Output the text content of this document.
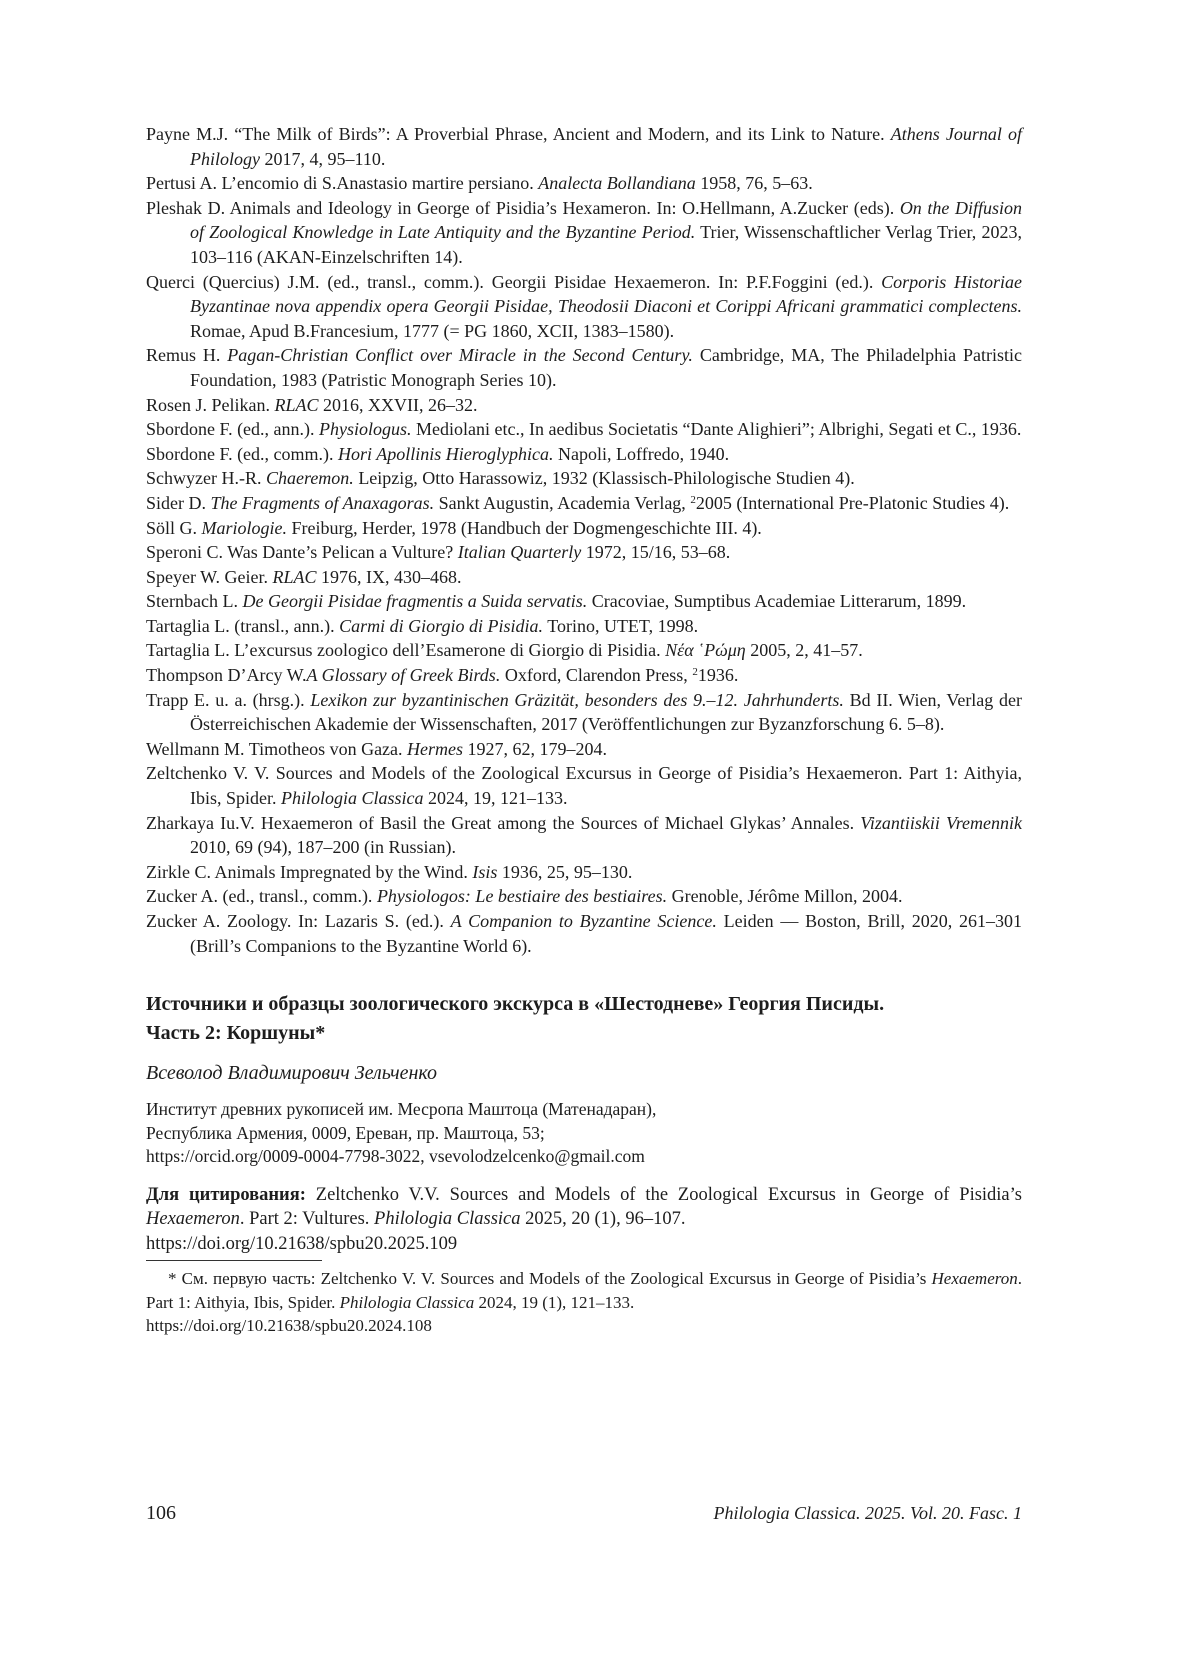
Payne M.J. “The Milk of Birds”: A Proverbial Phrase, Ancient and Modern, and its Link to Nature. Athens Journal of Philology 2017, 4, 95–110.

Pertusi A. L’encomio di S.Anastasio martire persiano. Analecta Bollandiana 1958, 76, 5–63.

Pleshak D. Animals and Ideology in George of Pisidia’s Hexameron. In: O.Hellmann, A.Zucker (eds). On the Diffusion of Zoological Knowledge in Late Antiquity and the Byzantine Period. Trier, Wissenschaftlicher Verlag Trier, 2023, 103–116 (AKAN-Einzelschriften 14).

Querci (Quercius) J.M. (ed., transl., comm.). Georgii Pisidae Hexaemeron. In: P.F.Foggini (ed.). Corporis Historiae Byzantinae nova appendix opera Georgii Pisidae, Theodosii Diaconi et Corippi Africani grammatici complectens. Romae, Apud B.Francesium, 1777 (= PG 1860, XCII, 1383–1580).

Remus H. Pagan-Christian Conflict over Miracle in the Second Century. Cambridge, MA, The Philadelphia Patristic Foundation, 1983 (Patristic Monograph Series 10).

Rosen J. Pelikan. RLAC 2016, XXVII, 26–32.

Sbordone F. (ed., ann.). Physiologus. Mediolani etc., In aedibus Societatis “Dante Alighieri”; Albrighi, Segati et C., 1936.

Sbordone F. (ed., comm.). Hori Apollinis Hieroglyphica. Napoli, Loffredo, 1940.

Schwyzer H.-R. Chaeremon. Leipzig, Otto Harassowiz, 1932 (Klassisch-Philologische Studien 4).

Sider D. The Fragments of Anaxagoras. Sankt Augustin, Academia Verlag, $^2$2005 (International Pre-Platonic Studies 4).

Söll G. Mariologie. Freiburg, Herder, 1978 (Handbuch der Dogmengeschichte III. 4).

Speroni C. Was Dante’s Pelican a Vulture? Italian Quarterly 1972, 15/16, 53–68.

Speyer W. Geier. RLAC 1976, IX, 430–468.

Sternbach L. De Georgii Pisidae fragmentis a Suida servatis. Cracoviae, Sumptibus Academiae Litterarum, 1899.

Tartaglia L. (transl., ann.). Carmi di Giorgio di Pisidia. Torino, UTET, 1998.

Tartaglia L. L’excursus zoologico dell’Esamerone di Giorgio di Pisidia. Νέα ῾Ρώμη 2005, 2, 41–57.

Thompson D’Arcy W.A Glossary of Greek Birds. Oxford, Clarendon Press, $^2$1936.

Trapp E. u. a. (hrsg.). Lexikon zur byzantinischen Gräzität, besonders des 9.–12. Jahrhunderts. Bd II. Wien, Verlag der Österreichischen Akademie der Wissenschaften, 2017 (Veröffentlichungen zur Byzanzforschung 6. 5–8).

Wellmann M. Timotheos von Gaza. Hermes 1927, 62, 179–204.

Zeltchenko V. V. Sources and Models of the Zoological Excursus in George of Pisidia’s Hexaemeron. Part 1: Aithyia, Ibis, Spider. Philologia Classica 2024, 19, 121–133.

Zharkaya Iu.V. Hexaemeron of Basil the Great among the Sources of Michael Glykas’ Annales. Vizantiiskii Vremennik 2010, 69 (94), 187–200 (in Russian).

Zirkle C. Animals Impregnated by the Wind. Isis 1936, 25, 95–130.

Zucker A. (ed., transl., comm.). Physiologos: Le bestiaire des bestiaires. Grenoble, Jérôme Millon, 2004.

Zucker A. Zoology. In: Lazaris S. (ed.). A Companion to Byzantine Science. Leiden — Boston, Brill, 2020, 261–301 (Brill’s Companions to the Byzantine World 6).

Источники и образцы зоологического экскурса в «Шестодневе» Георгия Писиды.
Часть 2: Коршуны*
Всеволод Владимирович Зельченко
Институт древних рукописей им. Месропа Маштоца (Матенадаран),
Республика Армения, 0009, Ереван, пр. Маштоца, 53;
https://orcid.org/0009-0004-7798-3022, vsevolodzelcenko@gmail.com
Для цитирования: Zeltchenko V.V. Sources and Models of the Zoological Excursus in George of Pisidia’s Hexaemeron. Part 2: Vultures. Philologia Classica 2025, 20 (1), 96–107.
https://doi.org/10.21638/spbu20.2025.109
* См. первую часть: Zeltchenko V. V. Sources and Models of the Zoological Excursus in George of Pisidia’s Hexaemeron. Part 1: Aithyia, Ibis, Spider. Philologia Classica 2024, 19 (1), 121–133.
https://doi.org/10.21638/spbu20.2024.108
106	Philologia Classica. 2025. Vol. 20. Fasc. 1
